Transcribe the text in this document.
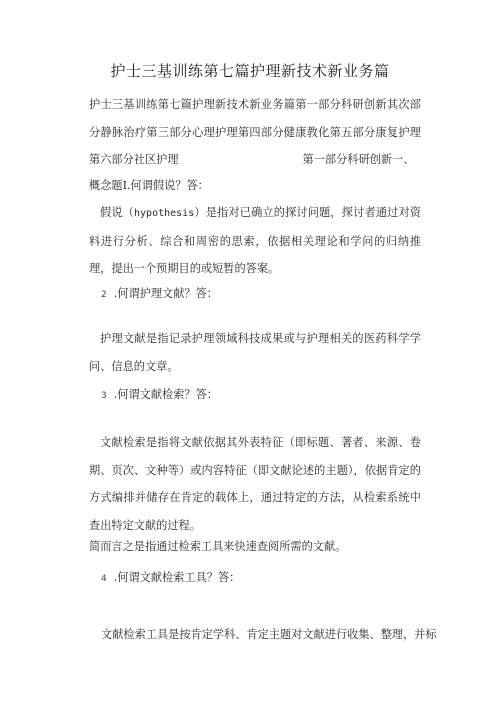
护士三基训练第七篇护理新技术新业务篇
护士三基训练第七篇护理新技术新业务篇第一部分科研创新其次部分静脉治疗第三部分心理护理第四部分健康教化第五部分康复护理第六部分社区护理	第一部分科研创新一、
概念题I.何谓假说？答：
假说（hypothesis）是指对已确立的探讨问题，探讨者通过对资料进行分析、综合和周密的思索，依据相关理论和学问的归纳推理，提出一个预期目的或短暂的答案。
2 .何谓护理文献？答：
护理文献是指记录护理领域科技成果或与护理相关的医药科学学问、信息的文章。
3 .何谓文献检索？答：
文献检索是指将文献依据其外表特征（即标题、著者、来源、卷期、页次、文种等）或内容特征（即文献论述的主题），依据肯定的方式编排并储存在肯定的载体上，通过特定的方法，从检索系统中查出特定文献的过程。
简而言之是指通过检索工具来快速查阅所需的文献。
4 .何谓文献检索工具？答：
文献检索工具是按肯定学科、肯定主题对文献进行收集、整理，并标
